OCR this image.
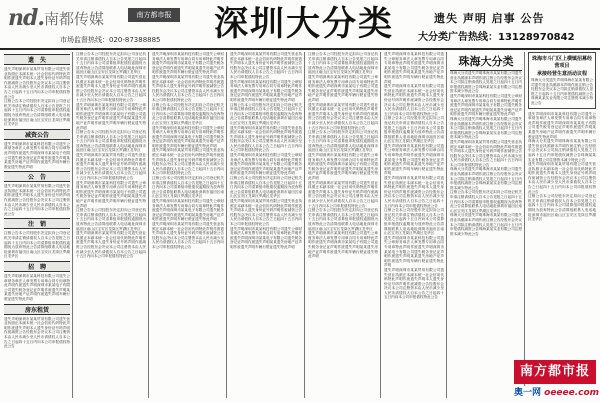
nd. 南都传媒	南方都市报
市场监督热线：020-87388885 深圳大分类	遗失 声明 启事 公告
大分类广告热线：13128970842
遗　失
遗失声明深圳市某某贸易有限公司遗失营业执照正本副本统一社会信用代码特此声明作废遗失声明本人遗失身份证号码声明作废减资公告经股东会决议本公司注册资本由人民币减少至人民币请债权人自本公告之日起四十五日内向本公司申报债权特此公告
注销公告本公司经股东决定拟向公司登记机关申请注销请债权人自本公告见报之日起四十五日内向本公司清算组申报债权逾期视为放弃特此公告清算组联系人电话地址深圳市福田区南山区宝安区龙岗区罗湖区龙华区
减资公告
遗失声明深圳市某某科技有限公司遗失公章财务章法人章发票专用章合同专用章特此声明作废遗失声明深圳市某某电子有限公司遗失税务登记证声明作废遗失声明某某遗失房地产证声明作废遗失声明车辆行驶证遗失特此声明
公　告
遗失声明深圳市某某贸易有限公司遗失营业执照正本副本统一社会信用代码特此声明作废遗失声明本人遗失身份证号码声明作废减资公告经股东会决议本公司注册资本由人民币减少至人民币请债权人自本公告之日起四十五日内向本公司申报债权特此公告
注　销
注销公告本公司经股东决定拟向公司登记机关申请注销请债权人自本公告见报之日起四十五日内向本公司清算组申报债权逾期视为放弃特此公告清算组联系人电话地址深圳市福田区南山区宝安区龙岗区罗湖区龙华区
招　聘
遗失声明深圳市某某科技有限公司遗失公章财务章法人章发票专用章合同专用章特此声明作废遗失声明深圳市某某电子有限公司遗失税务登记证声明作废遗失声明某某遗失房地产证声明作废遗失声明车辆行驶证遗失特此声明
房东租赁
遗失声明深圳市某某贸易有限公司遗失营业执照正本副本统一社会信用代码特此声明作废遗失声明本人遗失身份证号码声明作废减资公告经股东会决议本公司注册资本由人民币减少至人民币请债权人自本公告之日起四十五日内向本公司申报债权特此公告
注销公告本公司经股东决定拟向公司登记机关申请注销请债权人自本公告见报之日起四十五日内向本公司清算组申报债权逾期视为放弃特此公告清算组联系人电话地址深圳市福田区南山区宝安区龙岗区罗湖区龙华区
遗失声明深圳市某某贸易有限公司遗失营业执照正本副本统一社会信用代码特此声明作废遗失声明本人遗失身份证号码声明作废减资公告经股东会决议本公司注册资本由人民币减少至人民币请债权人自本公告之日起四十五日内向本公司申报债权特此公告
遗失声明深圳市某某科技有限公司遗失公章财务章法人章发票专用章合同专用章特此声明作废遗失声明深圳市某某电子有限公司遗失税务登记证声明作废遗失声明某某遗失房地产证声明作废遗失声明车辆行驶证遗失特此声明
注销公告本公司经股东决定拟向公司登记机关申请注销请债权人自本公告见报之日起四十五日内向本公司清算组申报债权逾期视为放弃特此公告清算组联系人电话地址深圳市福田区南山区宝安区龙岗区罗湖区龙华区
遗失声明深圳市某某贸易有限公司遗失营业执照正本副本统一社会信用代码特此声明作废遗失声明本人遗失身份证号码声明作废减资公告经股东会决议本公司注册资本由人民币减少至人民币请债权人自本公告之日起四十五日内向本公司申报债权特此公告
遗失声明深圳市某某科技有限公司遗失公章财务章法人章发票专用章合同专用章特此声明作废遗失声明深圳市某某电子有限公司遗失税务登记证声明作废遗失声明某某遗失房地产证声明作废遗失声明车辆行驶证遗失特此声明
注销公告本公司经股东决定拟向公司登记机关申请注销请债权人自本公告见报之日起四十五日内向本公司清算组申报债权逾期视为放弃特此公告清算组联系人电话地址深圳市福田区南山区宝安区龙岗区罗湖区龙华区
遗失声明深圳市某某贸易有限公司遗失营业执照正本副本统一社会信用代码特此声明作废遗失声明本人遗失身份证号码声明作废减资公告经股东会决议本公司注册资本由人民币减少至人民币请债权人自本公告之日起四十五日内向本公司申报债权特此公告
遗失声明深圳市某某科技有限公司遗失公章财务章法人章发票专用章合同专用章特此声明作废遗失声明深圳市某某电子有限公司遗失税务登记证声明作废遗失声明某某遗失房地产证声明作废遗失声明车辆行驶证遗失特此声明
遗失声明深圳市某某贸易有限公司遗失营业执照正本副本统一社会信用代码特此声明作废遗失声明本人遗失身份证号码声明作废减资公告经股东会决议本公司注册资本由人民币减少至人民币请债权人自本公告之日起四十五日内向本公司申报债权特此公告
注销公告本公司经股东决定拟向公司登记机关申请注销请债权人自本公告见报之日起四十五日内向本公司清算组申报债权逾期视为放弃特此公告清算组联系人电话地址深圳市福田区南山区宝安区龙岗区罗湖区龙华区
遗失声明深圳市某某科技有限公司遗失公章财务章法人章发票专用章合同专用章特此声明作废遗失声明深圳市某某电子有限公司遗失税务登记证声明作废遗失声明某某遗失房地产证声明作废遗失声明车辆行驶证遗失特此声明
遗失声明深圳市某某贸易有限公司遗失营业执照正本副本统一社会信用代码特此声明作废遗失声明本人遗失身份证号码声明作废减资公告经股东会决议本公司注册资本由人民币减少至人民币请债权人自本公告之日起四十五日内向本公司申报债权特此公告
注销公告本公司经股东决定拟向公司登记机关申请注销请债权人自本公告见报之日起四十五日内向本公司清算组申报债权逾期视为放弃特此公告清算组联系人电话地址深圳市福田区南山区宝安区龙岗区罗湖区龙华区
遗失声明深圳市某某科技有限公司遗失公章财务章法人章发票专用章合同专用章特此声明作废遗失声明深圳市某某电子有限公司遗失税务登记证声明作废遗失声明某某遗失房地产证声明作废遗失声明车辆行驶证遗失特此声明
遗失声明深圳市某某贸易有限公司遗失营业执照正本副本统一社会信用代码特此声明作废遗失声明本人遗失身份证号码声明作废减资公告经股东会决议本公司注册资本由人民币减少至人民币请债权人自本公告之日起四十五日内向本公司申报债权特此公告
遗失声明深圳市某某贸易有限公司遗失营业执照正本副本统一社会信用代码特此声明作废遗失声明本人遗失身份证号码声明作废减资公告经股东会决议本公司注册资本由人民币减少至人民币请债权人自本公告之日起四十五日内向本公司申报债权特此公告
遗失声明深圳市某某科技有限公司遗失公章财务章法人章发票专用章合同专用章特此声明作废遗失声明深圳市某某电子有限公司遗失税务登记证声明作废遗失声明某某遗失房地产证声明作废遗失声明车辆行驶证遗失特此声明
注销公告本公司经股东决定拟向公司登记机关申请注销请债权人自本公告见报之日起四十五日内向本公司清算组申报债权逾期视为放弃特此公告清算组联系人电话地址深圳市福田区南山区宝安区龙岗区罗湖区龙华区
遗失声明深圳市某某贸易有限公司遗失营业执照正本副本统一社会信用代码特此声明作废遗失声明本人遗失身份证号码声明作废减资公告经股东会决议本公司注册资本由人民币减少至人民币请债权人自本公告之日起四十五日内向本公司申报债权特此公告
遗失声明深圳市某某科技有限公司遗失公章财务章法人章发票专用章合同专用章特此声明作废遗失声明深圳市某某电子有限公司遗失税务登记证声明作废遗失声明某某遗失房地产证声明作废遗失声明车辆行驶证遗失特此声明
注销公告本公司经股东决定拟向公司登记机关申请注销请债权人自本公告见报之日起四十五日内向本公司清算组申报债权逾期视为放弃特此公告清算组联系人电话地址深圳市福田区南山区宝安区龙岗区罗湖区龙华区
遗失声明深圳市某某贸易有限公司遗失营业执照正本副本统一社会信用代码特此声明作废遗失声明本人遗失身份证号码声明作废减资公告经股东会决议本公司注册资本由人民币减少至人民币请债权人自本公告之日起四十五日内向本公司申报债权特此公告
遗失声明深圳市某某科技有限公司遗失公章财务章法人章发票专用章合同专用章特此声明作废遗失声明深圳市某某电子有限公司遗失税务登记证声明作废遗失声明某某遗失房地产证声明作废遗失声明车辆行驶证遗失特此声明
注销公告本公司经股东决定拟向公司登记机关申请注销请债权人自本公告见报之日起四十五日内向本公司清算组申报债权逾期视为放弃特此公告清算组联系人电话地址深圳市福田区南山区宝安区龙岗区罗湖区龙华区
遗失声明深圳市某某科技有限公司遗失公章财务章法人章发票专用章合同专用章特此声明作废遗失声明深圳市某某电子有限公司遗失税务登记证声明作废遗失声明某某遗失房地产证声明作废遗失声明车辆行驶证遗失特此声明
遗失声明深圳市某某贸易有限公司遗失营业执照正本副本统一社会信用代码特此声明作废遗失声明本人遗失身份证号码声明作废减资公告经股东会决议本公司注册资本由人民币减少至人民币请债权人自本公告之日起四十五日内向本公司申报债权特此公告
注销公告本公司经股东决定拟向公司登记机关申请注销请债权人自本公告见报之日起四十五日内向本公司清算组申报债权逾期视为放弃特此公告清算组联系人电话地址深圳市福田区南山区宝安区龙岗区罗湖区龙华区
遗失声明深圳市某某科技有限公司遗失公章财务章法人章发票专用章合同专用章特此声明作废遗失声明深圳市某某电子有限公司遗失税务登记证声明作废遗失声明某某遗失房地产证声明作废遗失声明车辆行驶证遗失特此声明
遗失声明深圳市某某贸易有限公司遗失营业执照正本副本统一社会信用代码特此声明作废遗失声明本人遗失身份证号码声明作废减资公告经股东会决议本公司注册资本由人民币减少至人民币请债权人自本公告之日起四十五日内向本公司申报债权特此公告
注销公告本公司经股东决定拟向公司登记机关申请注销请债权人自本公告见报之日起四十五日内向本公司清算组申报债权逾期视为放弃特此公告清算组联系人电话地址深圳市福田区南山区宝安区龙岗区罗湖区龙华区
遗失声明深圳市某某科技有限公司遗失公章财务章法人章发票专用章合同专用章特此声明作废遗失声明深圳市某某电子有限公司遗失税务登记证声明作废遗失声明某某遗失房地产证声明作废遗失声明车辆行驶证遗失特此声明
遗失声明深圳市某某科技有限公司遗失公章财务章法人章发票专用章合同专用章特此声明作废遗失声明深圳市某某电子有限公司遗失税务登记证声明作废遗失声明某某遗失房地产证声明作废遗失声明车辆行驶证遗失特此声明
遗失声明深圳市某某贸易有限公司遗失营业执照正本副本统一社会信用代码特此声明作废遗失声明本人遗失身份证号码声明作废减资公告经股东会决议本公司注册资本由人民币减少至人民币请债权人自本公告之日起四十五日内向本公司申报债权特此公告
注销公告本公司经股东决定拟向公司登记机关申请注销请债权人自本公告见报之日起四十五日内向本公司清算组申报债权逾期视为放弃特此公告清算组联系人电话地址深圳市福田区南山区宝安区龙岗区罗湖区龙华区
遗失声明深圳市某某科技有限公司遗失公章财务章法人章发票专用章合同专用章特此声明作废遗失声明深圳市某某电子有限公司遗失税务登记证声明作废遗失声明某某遗失房地产证声明作废遗失声明车辆行驶证遗失特此声明
遗失声明深圳市某某贸易有限公司遗失营业执照正本副本统一社会信用代码特此声明作废遗失声明本人遗失身份证号码声明作废减资公告经股东会决议本公司注册资本由人民币减少至人民币请债权人自本公告之日起四十五日内向本公司申报债权特此公告
注销公告本公司经股东决定拟向公司登记机关申请注销请债权人自本公告见报之日起四十五日内向本公司清算组申报债权逾期视为放弃特此公告清算组联系人电话地址深圳市福田区南山区宝安区龙岗区罗湖区龙华区
遗失声明深圳市某某科技有限公司遗失公章财务章法人章发票专用章合同专用章特此声明作废遗失声明深圳市某某电子有限公司遗失税务登记证声明作废遗失声明某某遗失房地产证声明作废遗失声明车辆行驶证遗失特此声明
遗失声明深圳市某某贸易有限公司遗失营业执照正本副本统一社会信用代码特此声明作废遗失声明本人遗失身份证号码声明作废减资公告经股东会决议本公司注册资本由人民币减少至人民币请债权人自本公告之日起四十五日内向本公司申报债权特此公告
珠海大分类
珠海大分类遗失声明珠海市某某有限公司遗失营业执照副本声明作废注销公告经股东会决议本公司拟注销请债权人见报之日起四十五日内申报债权减资公告珠海某某实业有限公司注册资本减少特此公告
遗失声明深圳市某某科技有限公司遗失公章财务章法人章发票专用章合同专用章特此声明作废遗失声明深圳市某某电子有限公司遗失税务登记证声明作废遗失声明某某遗失房地产证声明作废遗失声明车辆行驶证遗失特此声明
珠海大分类遗失声明珠海市某某有限公司遗失营业执照副本声明作废注销公告经股东会决议本公司拟注销请债权人见报之日起四十五日内申报债权减资公告珠海某某实业有限公司注册资本减少特此公告
遗失声明深圳市某某贸易有限公司遗失营业执照正本副本统一社会信用代码特此声明作废遗失声明本人遗失身份证号码声明作废减资公告经股东会决议本公司注册资本由人民币减少至人民币请债权人自本公告之日起四十五日内向本公司申报债权特此公告
珠海大分类遗失声明珠海市某某有限公司遗失营业执照副本声明作废注销公告经股东会决议本公司拟注销请债权人见报之日起四十五日内申报债权减资公告珠海某某实业有限公司注册资本减少特此公告
注销公告本公司经股东决定拟向公司登记机关申请注销请债权人自本公告见报之日起四十五日内向本公司清算组申报债权逾期视为放弃特此公告清算组联系人电话地址深圳市福田区南山区宝安区龙岗区罗湖区龙华区
珠海大分类遗失声明珠海市某某有限公司遗失营业执照副本声明作废注销公告经股东会决议本公司拟注销请债权人见报之日起四十五日内申报债权减资公告珠海某某实业有限公司注册资本减少特此公告
珠海市斗门区上横镇招募经营项目
承接经营生意活动议程
珠海大分类遗失声明珠海市某某有限公司遗失营业执照副本声明作废注销公告经股东会决议本公司拟注销请债权人见报之日起四十五日内申报债权减资公告珠海某某实业有限公司注册资本减少特此公告
遗失声明深圳市某某科技有限公司遗失公章财务章法人章发票专用章合同专用章特此声明作废遗失声明深圳市某某电子有限公司遗失税务登记证声明作废遗失声明某某遗失房地产证声明作废遗失声明车辆行驶证遗失特此声明
珠海大分类遗失声明珠海市某某有限公司遗失营业执照副本声明作废注销公告经股东会决议本公司拟注销请债权人见报之日起四十五日内申报债权减资公告珠海某某实业有限公司注册资本减少特此公告
遗失声明深圳市某某贸易有限公司遗失营业执照正本副本统一社会信用代码特此声明作废遗失声明本人遗失身份证号码声明作废减资公告经股东会决议本公司注册资本由人民币减少至人民币请债权人自本公告之日起四十五日内向本公司申报债权特此公告
注销公告本公司经股东决定拟向公司登记机关申请注销请债权人自本公告见报之日起四十五日内向本公司清算组申报债权逾期视为放弃特此公告清算组联系人电话地址深圳市福田区南山区宝安区龙岗区罗湖区龙华区
南方都市报
奥一网 oeeee.com
